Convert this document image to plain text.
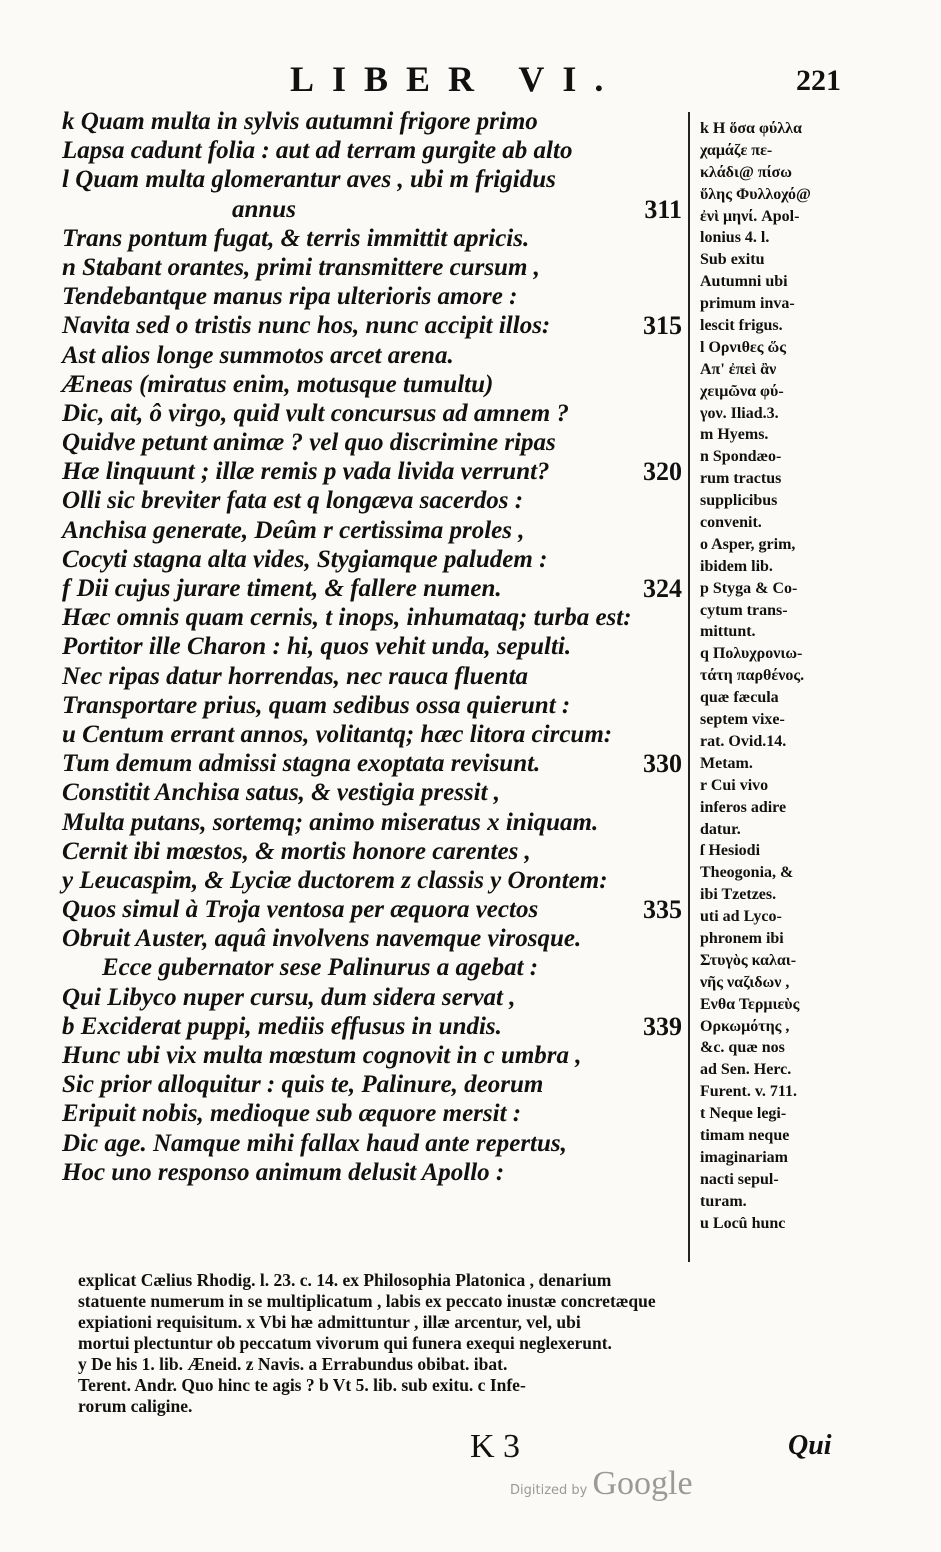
LIBER VI.	221
k Quam multa in sylvis autumni frigore primo
Lapsa cadunt folia : aut ad terram gurgite ab alto
l Quam multa glomerantur aves , ubi m frigidus
annus	311
Trans pontum fugat, & terris immittit apricis.
n Stabant orantes, primi transmittere cursum ,
Tendebantque manus ripa ulterioris amore :
Navita sed o tristis nunc hos, nunc accipit illos:	315
Ast alios longe summotos arcet arena.
Æneas (miratus enim, motusque tumultu)
Dic, ait, ô virgo, quid vult concursus ad amnem ?
Quidve petunt animæ ? vel quo discrimine ripas
Hæ linquunt ; illæ remis p vada livida verrunt?	320
Olli sic breviter fata est q longæva sacerdos :
Anchisa generate, Deûm r certissima proles ,
Cocyti stagna alta vides, Stygiamque paludem :
f Dii cujus jurare timent, & fallere numen.	324
Hæc omnis quam cernis, t inops, inhumataq; turba est:
Portitor ille Charon : hi, quos vehit unda, sepulti.
Nec ripas datur horrendas, nec rauca fluenta
Transportare prius, quam sedibus ossa quierunt :
u Centum errant annos, volitantq; hæc litora circum:
Tum demum admissi stagna exoptata revisunt.	330
Constitit Anchisa satus, & vestigia pressit ,
Multa putans, sortemq; animo miseratus x iniquam.
Cernit ibi mœstos, & mortis honore carentes ,
y Leucaspim, & Lyciæ ductorem z classis y Orontem:
Quos simul à Troja ventosa per æquora vectos	335
Obruit Auster, aquâ involvens navemque virosque.
Ecce gubernator sese Palinurus a agebat :
Qui Libyco nuper cursu, dum sidera servat ,
b Exciderat puppi, mediis effusus in undis.	339
Hunc ubi vix multa mœstum cognovit in c umbra ,
Sic prior alloquitur : quis te, Palinure, deorum
Eripuit nobis, medioque sub æquore mersit :
Dic age. Namque mihi fallax haud ante repertus,
Hoc uno responso animum delusit Apollo :
k Η ὅσα φύλλα
χαμάζε πε-
κλάδι@ πίσω
ὕλης Φυλλοχό@
ἐνὶ μηνί. Apol-
lonius 4. l.
Sub exitu
Autumni ubi
primum inva-
lescit frigus.
l Ορνιθες ὥς
Απ' ἐπεὶ ἂν
χειμῶνα φύ-
γον. Iliad.3.
m Hyems.
n Spondæo-
rum tractus
supplicibus
convenit.
o Asper, grim,
ibidem lib.
p Styga & Co-
cytum trans-
mittunt.
q Πολυχρονιω-
τάτη παρθένος.
quæ fæcula
septem vixe-
rat. Ovid.14.
Metam.
r Cui vivo
inferos adire
datur.
ſ Hesiodi
Theogonia, &
ibi Tzetzes.
uti ad Lyco-
phronem ibi
Στυγὸς καλαι-
νῆς ναζιδων ,
Ενθα Τερμιεὺς
Ορκωμότης ,
&c. quæ nos
ad Sen. Herc.
Furent. v. 711.
t Neque legi-
timam neque
imaginariam
nacti sepul-
turam.
u Locû hunc
explicat Cælius Rhodig. l. 23. c. 14. ex Philosophia Platonica , denarium
statuente numerum in se multiplicatum , labis ex peccato inustæ concretæque
expiationi requisitum. x Vbi hæ admittuntur , illæ arcentur, vel, ubi
mortui plectuntur ob peccatum vivorum qui funera exequi neglexerunt.
y De his 1. lib. Æneid. z Navis. a Errabundus obibat. ibat.
Terent. Andr. Quo hinc te agis ? b Vt 5. lib. sub exitu. c Infe-
rorum caligine.
K 3	Qui
Digitized by Google
